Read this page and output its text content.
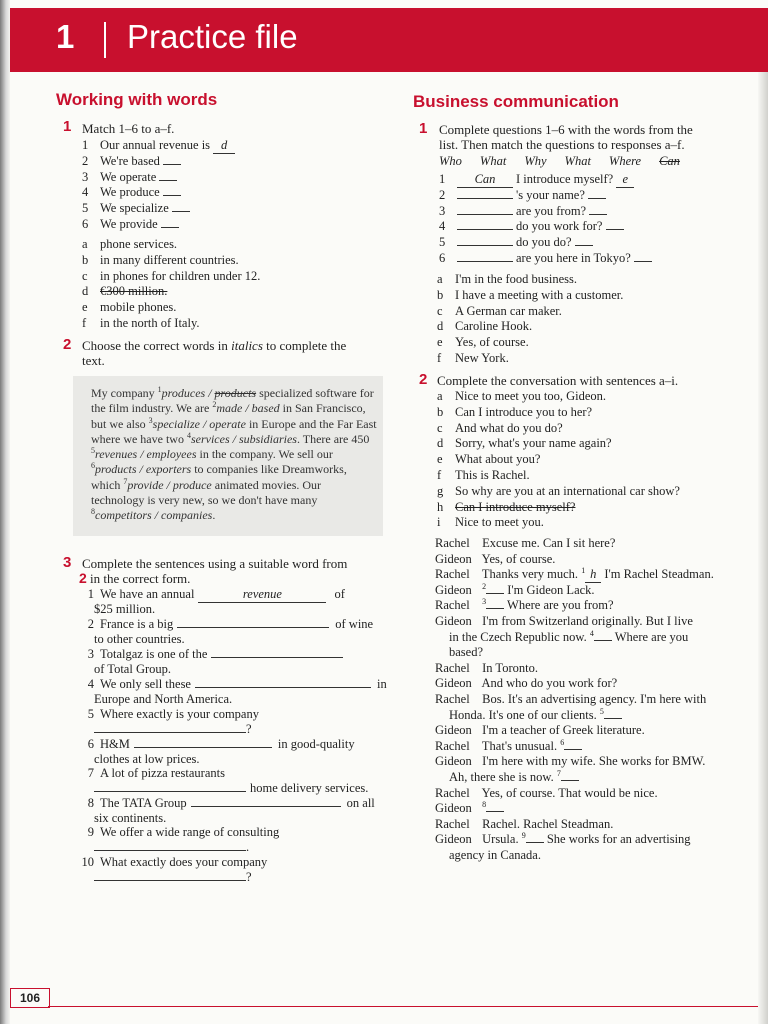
1 Practice file
Working with words
1 Match 1–6 to a–f.
1 Our annual revenue is d
2 We're based
3 We operate
4 We produce
5 We specialize
6 We provide
a phone services.
b in many different countries.
c in phones for children under 12.
d €300 million.
e mobile phones.
f in the north of Italy.
2 Choose the correct words in italics to complete the
text.
My company $^1$produces / products specialized software for the film industry. We are $^2$made / based in San Francisco, but we also $^3$specialize / operate in Europe and the Far East where we have two $^4$services / subsidiaries. There are 450 $^5$revenues / employees in the company. We sell our $^6$products / exporters to companies like Dreamworks, which $^7$provide / produce animated movies. Our technology is very new, so we don't have many $^8$competitors / companies.
3 Complete the sentences using a suitable word from
2 in the correct form.
1 We have an annual	revenue	of
$25 million.
2 France is a big	of wine
to other countries.
3 Totalgaz is one of the
of Total Group.
4 We only sell these	in
Europe and North America.
5 Where exactly is your company
?
6 H&M	in good-quality
clothes at low prices.
7 A lot of pizza restaurants
home delivery services.
8 The TATA Group	on all
six continents.
9 We offer a wide range of consulting
.
10 What exactly does your company
?
Business communication
1 Complete questions 1–6 with the words from the
list. Then match the questions to responses a–f.
Who What Why What Where Can
1 Can I introduce myself? e
2	's your name?
3	are you from?
4	do you work for?
5	do you do?
6	are you here in Tokyo?
a I'm in the food business.
b I have a meeting with a customer.
c A German car maker.
d Caroline Hook.
e Yes, of course.
f New York.
2 Complete the conversation with sentences a–i.
a Nice to meet you too, Gideon.
b Can I introduce you to her?
c And what do you do?
d Sorry, what's your name again?
e What about you?
f This is Rachel.
g So why are you at an international car show?
h Can I introduce myself?
i Nice to meet you.
Rachel Excuse me. Can I sit here?
Gideon Yes, of course.
Rachel Thanks very much. $^1$ h I'm Rachel Steadman.
Gideon $^2$ I'm Gideon Lack.
Rachel $^3$ Where are you from?
Gideon I'm from Switzerland originally. But I live
in the Czech Republic now. $^4$ Where are you
based?
Rachel In Toronto.
Gideon And who do you work for?
Rachel Bos. It's an advertising agency. I'm here with
Honda. It's one of our clients. $^5$
Gideon I'm a teacher of Greek literature.
Rachel That's unusual. $^6$
Gideon I'm here with my wife. She works for BMW.
Ah, there she is now. $^7$
Rachel Yes, of course. That would be nice.
Gideon $^8$
Rachel Rachel. Rachel Steadman.
Gideon Ursula. $^9$ She works for an advertising
agency in Canada.
106
